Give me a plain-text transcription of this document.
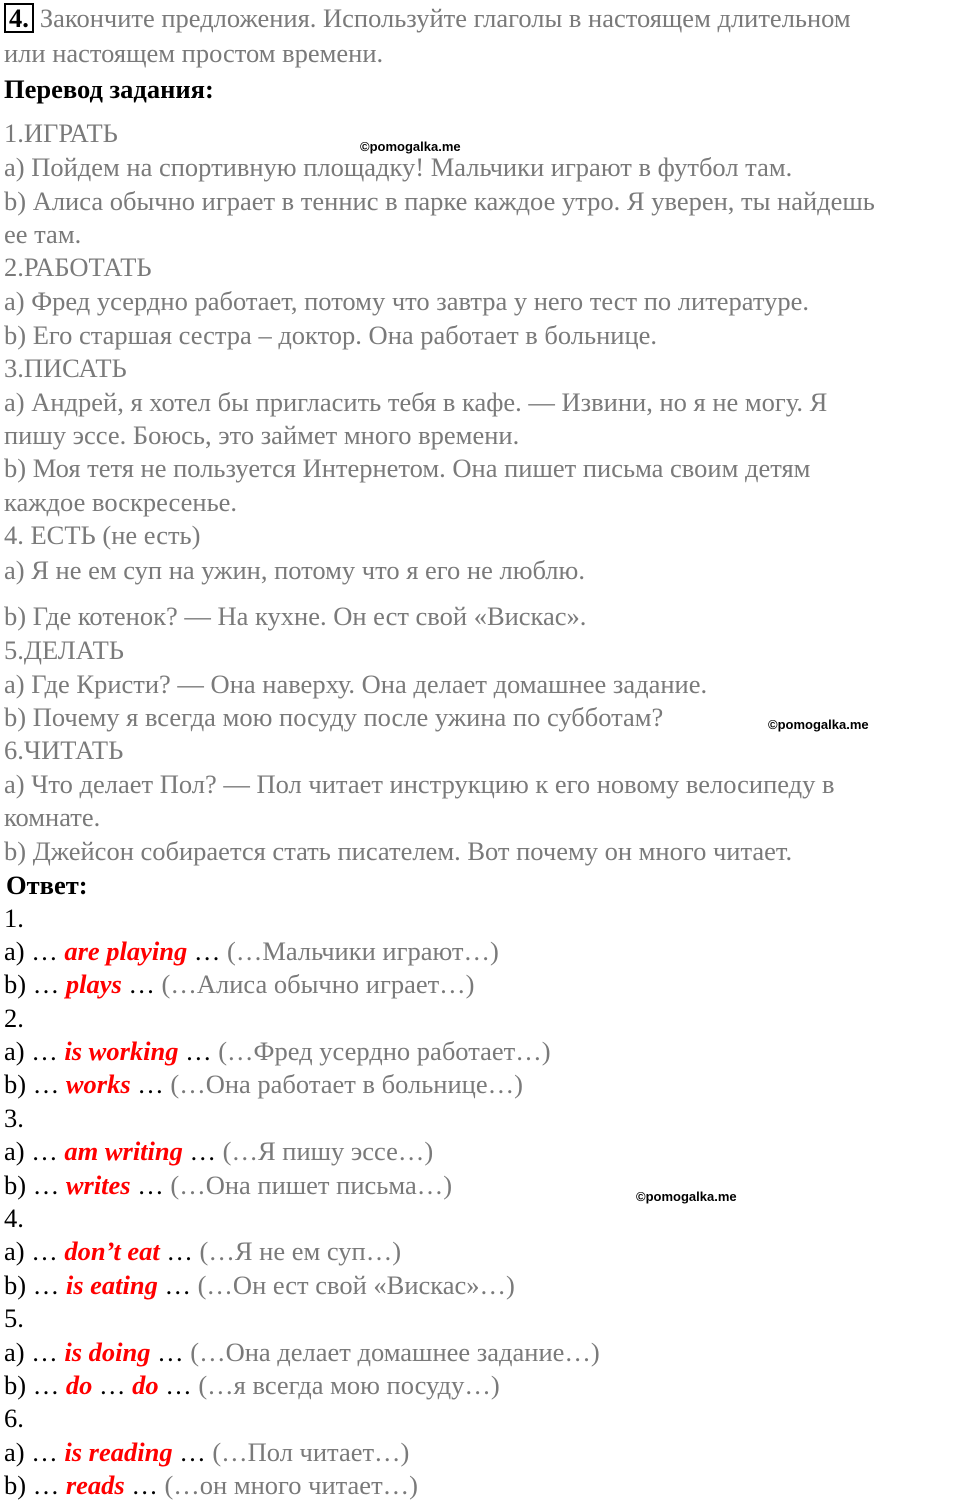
4. Закончите предложения. Используйте глаголы в настоящем длительном
или настоящем простом времени.
Перевод задания:
1.ИГРАТЬ
a) Пойдем на спортивную площадку! Мальчики играют в футбол там.
b) Алиса обычно играет в теннис в парке каждое утро. Я уверен, ты найдешь
ее там.
2.РАБОТАТЬ
a) Фред усердно работает, потому что завтра у него тест по литературе.
b) Его старшая сестра – доктор. Она работает в больнице.
3.ПИСАТЬ
a) Андрей, я хотел бы пригласить тебя в кафе. — Извини, но я не могу. Я
пишу эссе. Боюсь, это займет много времени.
b) Моя тетя не пользуется Интернетом. Она пишет письма своим детям
каждое воскресенье.
4. ЕСТЬ (не есть)
a) Я не ем суп на ужин, потому что я его не люблю.
b) Где котенок? — На кухне. Он ест свой «Вискас».
5.ДЕЛАТЬ
a) Где Кристи? — Она наверху. Она делает домашнее задание.
b) Почему я всегда мою посуду после ужина по субботам?
6.ЧИТАТЬ
a) Что делает Пол? — Пол читает инструкцию к его новому велосипеду в
комнате.
b) Джейсон собирается стать писателем. Вот почему он много читает.
Ответ:
1.
a) … are playing … (…Мальчики играют…)
b) … plays … (…Алиса обычно играет…)
2.
a) … is working … (…Фред усердно работает…)
b) … works … (…Она работает в больнице…)
3.
a) … am writing … (…Я пишу эссе…)
b) … writes … (…Она пишет письма…)
4.
a) … don’t eat … (…Я не ем суп…)
b) … is eating … (…Он ест свой «Вискас»…)
5.
a) … is doing … (…Она делает домашнее задание…)
b) … do … do … (…я всегда мою посуду…)
6.
a) … is reading … (…Пол читает…)
b) … reads … (…он много читает…)
©pomogalka.me
©pomogalka.me
©pomogalka.me
